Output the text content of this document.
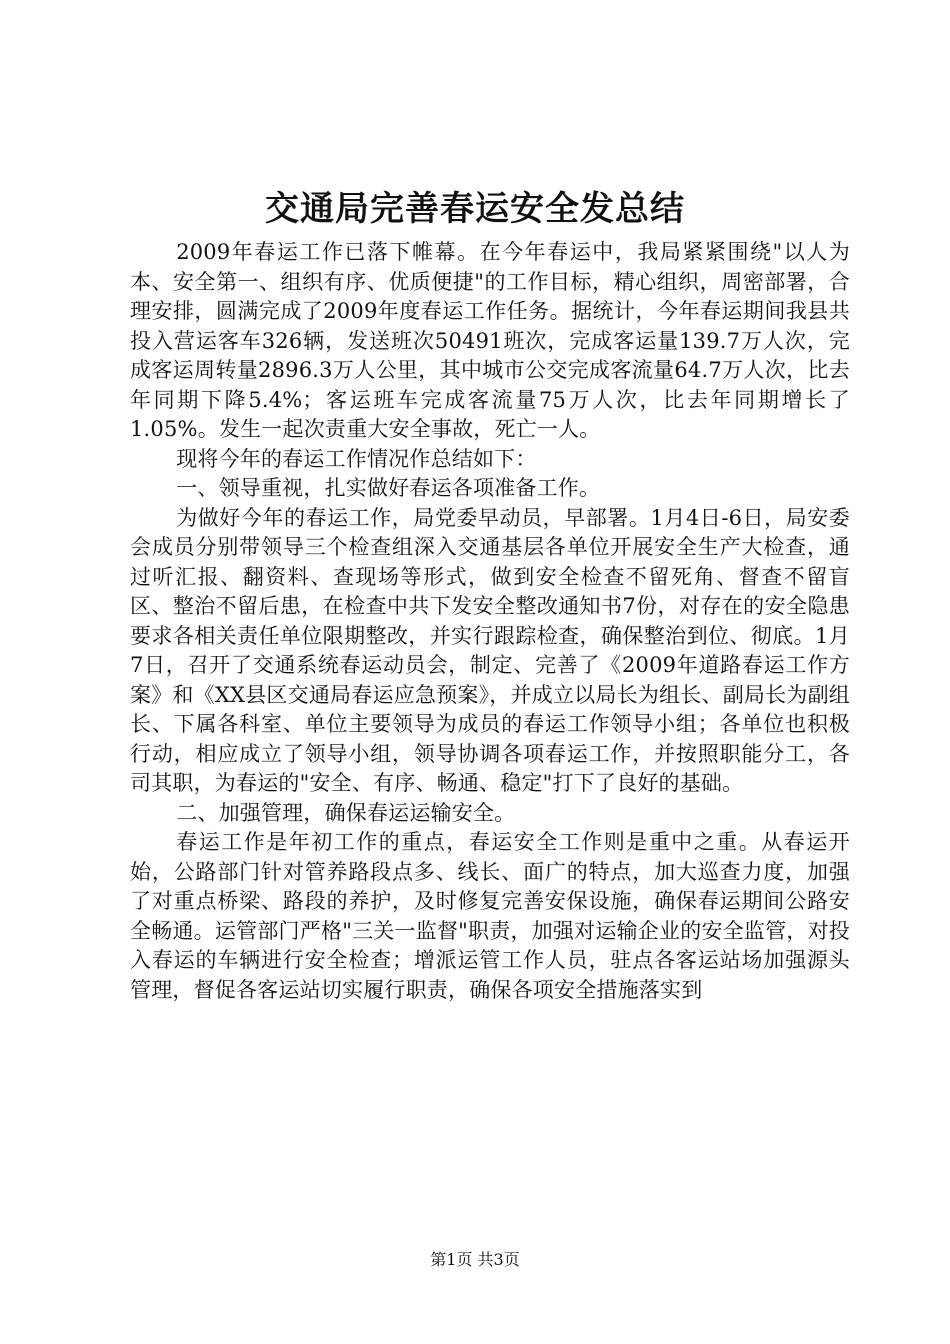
交通局完善春运安全发总结

2009年春运工作已落下帷幕。在今年春运中，我局紧紧围绕"以人为本、安全第一、组织有序、优质便捷"的工作目标，精心组织，周密部署，合理安排，圆满完成了2009年度春运工作任务。据统计，今年春运期间我县共投入营运客车326辆，发送班次50491班次，完成客运量139.7万人次，完成客运周转量2896.3万人公里，其中城市公交完成客流量64.7万人次，比去年同期下降5.4%；客运班车完成客流量75万人次，比去年同期增长了1.05%。发生一起次责重大安全事故，死亡一人。

现将今年的春运工作情况作总结如下：

一、领导重视，扎实做好春运各项准备工作。

为做好今年的春运工作，局党委早动员，早部署。1月4日-6日，局安委会成员分别带领导三个检查组深入交通基层各单位开展安全生产大检查，通过听汇报、翻资料、查现场等形式，做到安全检查不留死角、督查不留盲区、整治不留后患，在检查中共下发安全整改通知书7份，对存在的安全隐患要求各相关责任单位限期整改，并实行跟踪检查，确保整治到位、彻底。1月7日，召开了交通系统春运动员会，制定、完善了《2009年道路春运工作方案》和《XX县区交通局春运应急预案》，并成立以局长为组长、副局长为副组长、下属各科室、单位主要领导为成员的春运工作领导小组；各单位也积极行动，相应成立了领导小组，领导协调各项春运工作，并按照职能分工，各司其职，为春运的"安全、有序、畅通、稳定"打下了良好的基础。

二、加强管理，确保春运运输安全。

春运工作是年初工作的重点，春运安全工作则是重中之重。从春运开始，公路部门针对管养路段点多、线长、面广的特点，加大巡查力度，加强了对重点桥梁、路段的养护，及时修复完善安保设施，确保春运期间公路安全畅通。运管部门严格"三关一监督"职责，加强对运输企业的安全监管，对投入春运的车辆进行安全检查；增派运管工作人员，驻点各客运站场加强源头管理，督促各客运站切实履行职责，确保各项安全措施落实到

第1页 共3页
